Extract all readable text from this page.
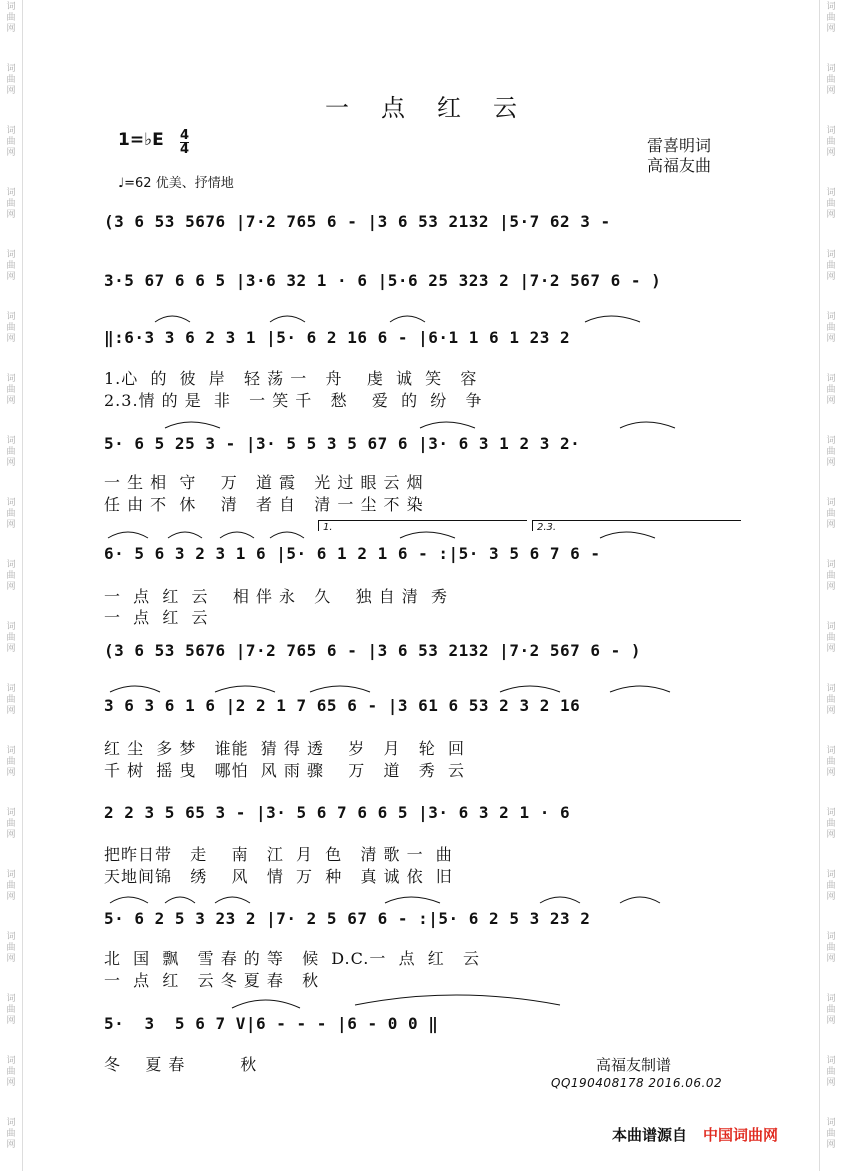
词
曲
网
词
曲
网
词
曲
网
词
曲
网
词
曲
网
词
曲
网
词
曲
网
词
曲
网
词
曲
网
词
曲
网
词
曲
网
词
曲
网
词
曲
网
词
曲
网
词
曲
网
词
曲
网
词
曲
网
词
曲
网
词
曲
网
词
曲
网
词
曲
网
词
曲
网
词
曲
网
词
曲
网
词
曲
网
词
曲
网
词
曲
网
词
曲
网
词
曲
网
词
曲
网
词
曲
网
词
曲
网
词
曲
网
词
曲
网
词
曲
网
词
曲
网
词
曲
网
词
曲
网
一点红云
1=♭E 4
4
♩=62 优美、抒情地
雷喜明词
高福友曲
(3 6 53 5676 |7·2 765 6 - |3 6 53 2132 |5·7 62 3 -
3·5 67 6 6 5 |3·6 32 1 · 6 |5·6 25 323 2 |7·2 567 6 - )
‖:6·3 3 6 2 3 1 |5· 6 2 16 6 - |6·1 1 6 1 23 2
1.心  的  彼  岸   轻 荡 一   舟    虔  诚  笑   容
2.3.情 的 是  非   一 笑 千   愁    爱  的  纷   争
5· 6 5 25 3 - |3· 5 5 3 5 67 6 |3· 6 3 1 2 3 2·
一 生 相  守    万   道 霞   光 过 眼 云 烟
任 由 不  休    清   者 自   清 一 尘 不 染
1.	2.3.
6· 5 6 3 2 3 1 6 |5· 6 1 2 1 6 - :|5· 3 5 6 7 6 -
一  点  红  云    相 伴 永   久    独 自 清  秀
一  点  红  云
(3 6 53 5676 |7·2 765 6 - |3 6 53 2132 |7·2 567 6 - )
3 6 3 6 1 6 |2 2 1 7 65 6 - |3 61 6 53 2 3 2 16
红 尘  多 梦   谁能  猜 得 透    岁   月   轮  回
千 树  摇 曳   哪怕  风 雨 骤    万   道   秀  云
2 2 3 5 65 3 - |3· 5 6 7 6 6 5 |3· 6 3 2 1 · 6
把昨日带   走    南   江  月  色   清 歌 一  曲
天地间锦   绣    风   情  万  种   真 诚 依  旧
5· 6 2 5 3 23 2 |7· 2 5 67 6 - :|5· 6 2 5 3 23 2
北  国  飘   雪 春 的 等   候  D.C.一  点  红   云
一  点  红   云 冬 夏 春   秋
5·  3  5 6 7 V|6 - - - |6 - 0 0 ‖
冬    夏 春         秋	高福友制谱
QQ190408178 2016.06.02
本曲谱源自 中国词曲网
